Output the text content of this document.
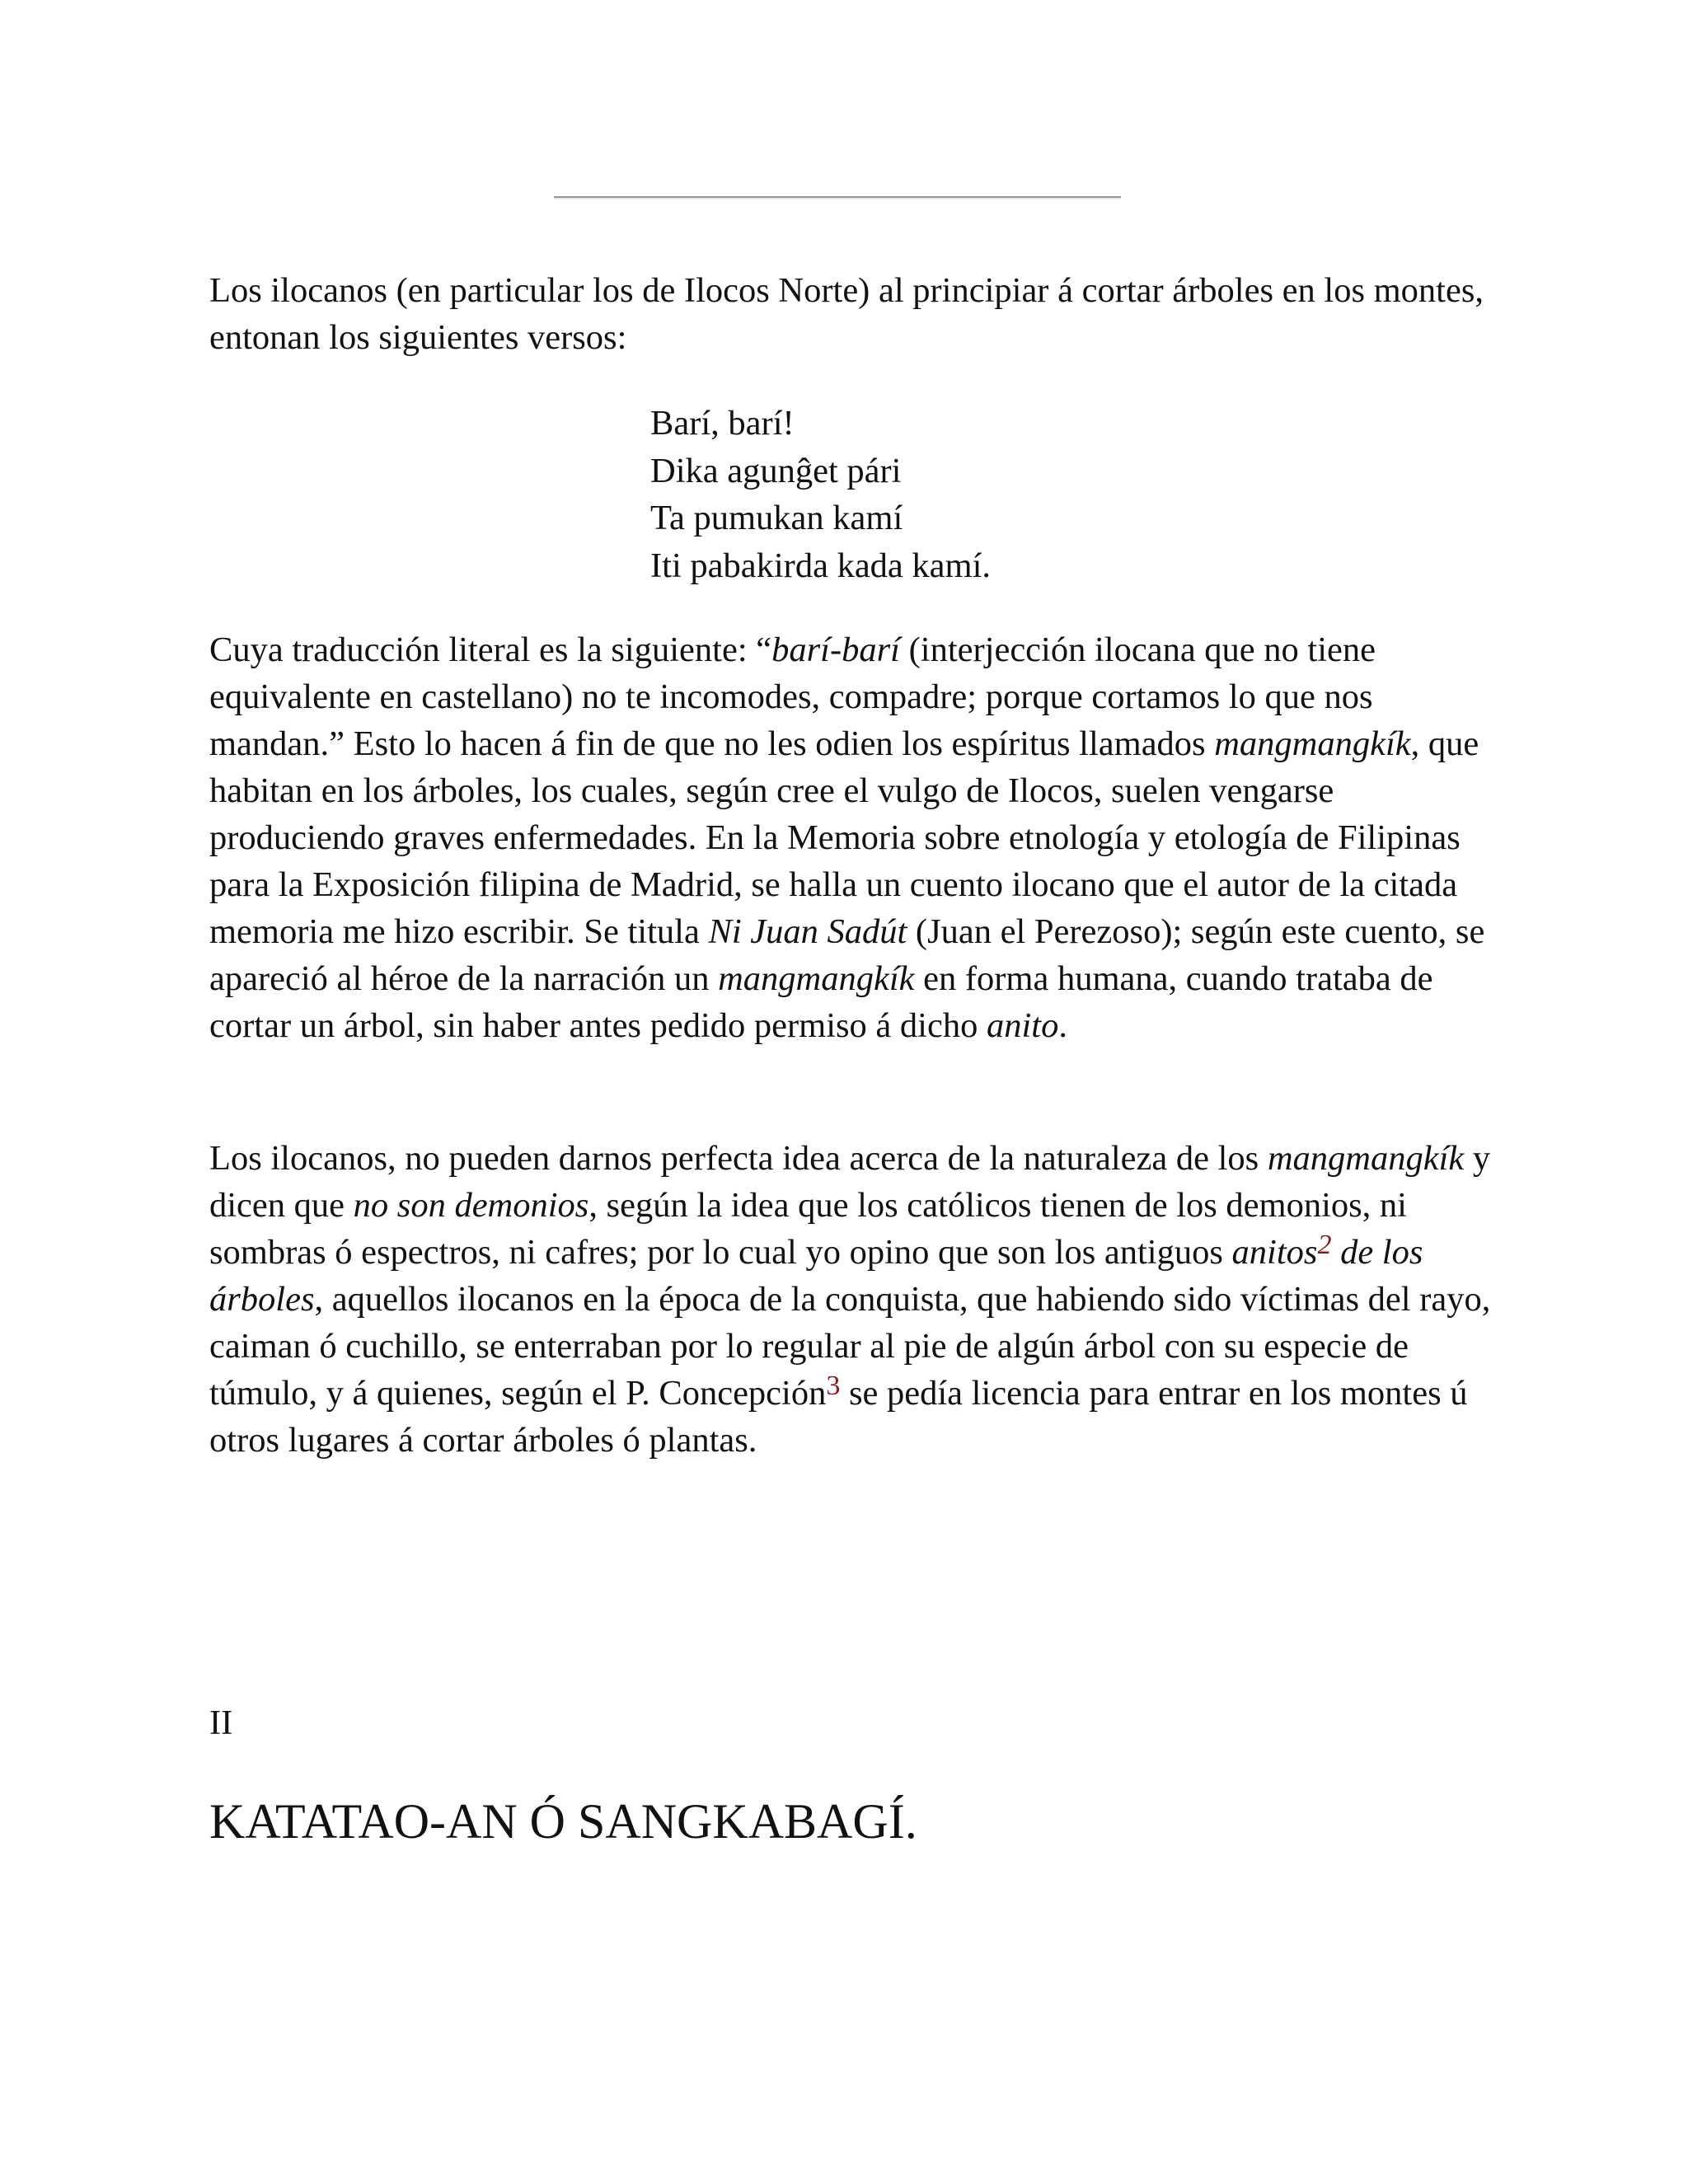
Los ilocanos (en particular los de Ilocos Norte) al principiar á cortar árboles en los montes, entonan los siguientes versos:

Barí, barí!
Dika agunĝet pári
Ta pumukan kamí
Iti pabakirda kada kamí.

Cuya traducción literal es la siguiente: “barí-barí (interjección ilocana que no tiene equivalente en castellano) no te incomodes, compadre; porque cortamos lo que nos mandan.” Esto lo hacen á fin de que no les odien los espíritus llamados mangmangkík, que habitan en los árboles, los cuales, según cree el vulgo de Ilocos, suelen vengarse produciendo graves enfermedades. En la Memoria sobre etnología y etología de Filipinas para la Exposición filipina de Madrid, se halla un cuento ilocano que el autor de la citada memoria me hizo escribir. Se titula Ni Juan Sadút (Juan el Perezoso); según este cuento, se apareció al héroe de la narración un mangmangkík en forma humana, cuando trataba de cortar un árbol, sin haber antes pedido permiso á dicho anito.

Los ilocanos, no pueden darnos perfecta idea acerca de la naturaleza de los mangmangkík y dicen que no son demonios, según la idea que los católicos tienen de los demonios, ni sombras ó espectros, ni cafres; por lo cual yo opino que son los antiguos anitos$^2$ de los árboles, aquellos ilocanos en la época de la conquista, que habiendo sido víctimas del rayo, caiman ó cuchillo, se enterraban por lo regular al pie de algún árbol con su especie de túmulo, y á quienes, según el P. Concepción$^3$ se pedía licencia para entrar en los montes ú otros lugares á cortar árboles ó plantas.

II
KATATAO-AN Ó SANGKABAGÍ.
